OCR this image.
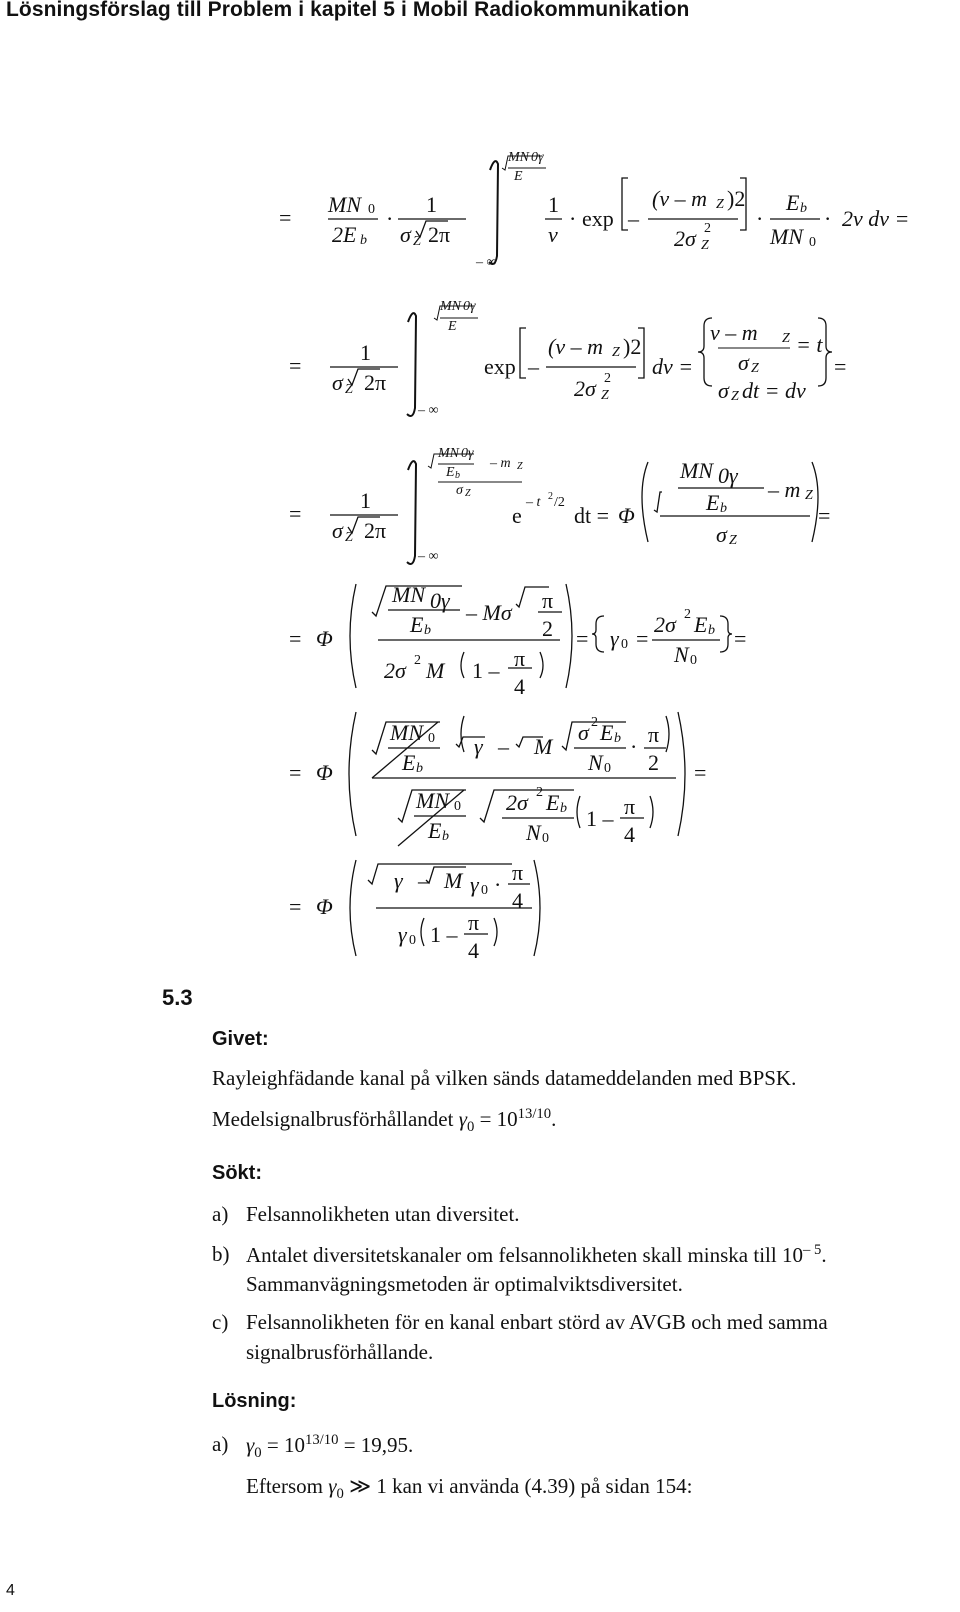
Lösningsförslag till Problem i kapitel 5 i Mobil Radiokommunikation
=
MN 0
2E b
·
1
σ Z 2π
MN 0γ
E
– ∞
1
v
· exp –
(v – m Z )2
2σ 2
Z
·
E b
MN 0
· 2v dv =
=
1
σ Z 2π
MN 0γ
E
– ∞
exp –
(v – m Z )2
2σ 2
Z
dv =
v – m Z = t
σ Z
σ Z dt = dv
=
=
1
σ Z 2π
MN 0γ
E b
– m Z
σ Z
– ∞
e
– t 2 /2
dt = Φ
MN 0γ
E b
– m Z
σ Z
=
= Φ
MN 0γ
E b
– Mσ π
2
2σ 2 M 1 – π
4
= γ 0 =
2σ 2 E b
N 0
=
= Φ
MN 0
E b
γ – M
σ 2 E b
N 0
· π
2
MN 0
E b
2σ 2 E b
N 0
1 – π
4
=
= Φ
γ – M γ 0 · π
4
γ 0 1 – π
4
5.3
Givet:
Rayleighfädande kanal på vilken sänds datameddelanden med BPSK.
Medelsignalbrusförhållandet $\gamma_0 = 10^{13/10}$.
Sökt:
a) Felsannolikheten utan diversitet.
b) Antalet diversitetskanaler om felsannolikheten skall minska till $10^{- 5}$.
Sammanvägningsmetoden är optimalviktsdiversitet.
c) Felsannolikheten för en kanal enbart störd av AVGB och med samma
signalbrusförhållande.
Lösning:
a) $\gamma_0 = 10^{13/10} = 19,95$.
Eftersom $\gamma_0$ ≫ 1 kan vi använda (4.39) på sidan 154:
4
